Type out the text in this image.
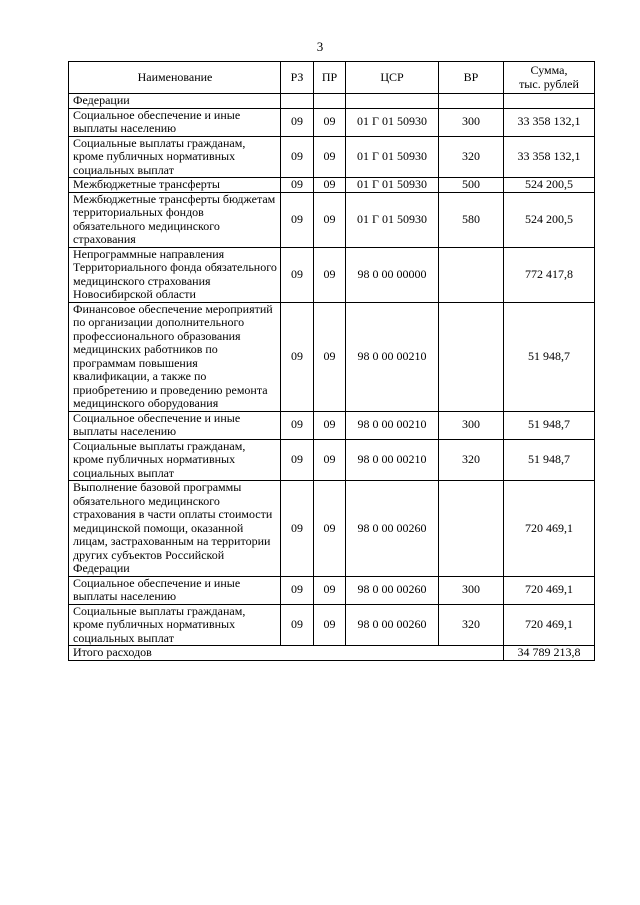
3
Наименование	РЗ	ПР	ЦСР	ВР	Сумма,
тыс. рублей
Федерации					
Социальное обеспечение и иные выплаты населению	09	09	01 Г 01 50930	300	33 358 132,1
Социальные выплаты гражданам, кроме публичных нормативных социальных выплат	09	09	01 Г 01 50930	320	33 358 132,1
Межбюджетные трансферты	09	09	01 Г 01 50930	500	524 200,5
Межбюджетные трансферты бюджетам территориальных фондов обязательного медицинского страхования	09	09	01 Г 01 50930	580	524 200,5
Непрограммные направления Территориального фонда обязательного медицинского страхования Новосибирской области	09	09	98 0 00 00000		772 417,8
Финансовое обеспечение мероприятий по организации дополнительного профессионального образования медицинских работников по программам повышения квалификации, а также по приобретению и проведению ремонта медицинского оборудования	09	09	98 0 00 00210		51 948,7
Социальное обеспечение и иные выплаты населению	09	09	98 0 00 00210	300	51 948,7
Социальные выплаты гражданам, кроме публичных нормативных социальных выплат	09	09	98 0 00 00210	320	51 948,7
Выполнение базовой программы обязательного медицинского страхования в части оплаты стоимости медицинской помощи, оказанной лицам, застрахованным на территории других субъектов Российской Федерации	09	09	98 0 00 00260		720 469,1
Социальное обеспечение и иные выплаты населению	09	09	98 0 00 00260	300	720 469,1
Социальные выплаты гражданам, кроме публичных нормативных социальных выплат	09	09	98 0 00 00260	320	720 469,1
Итого расходов					34 789 213,8
